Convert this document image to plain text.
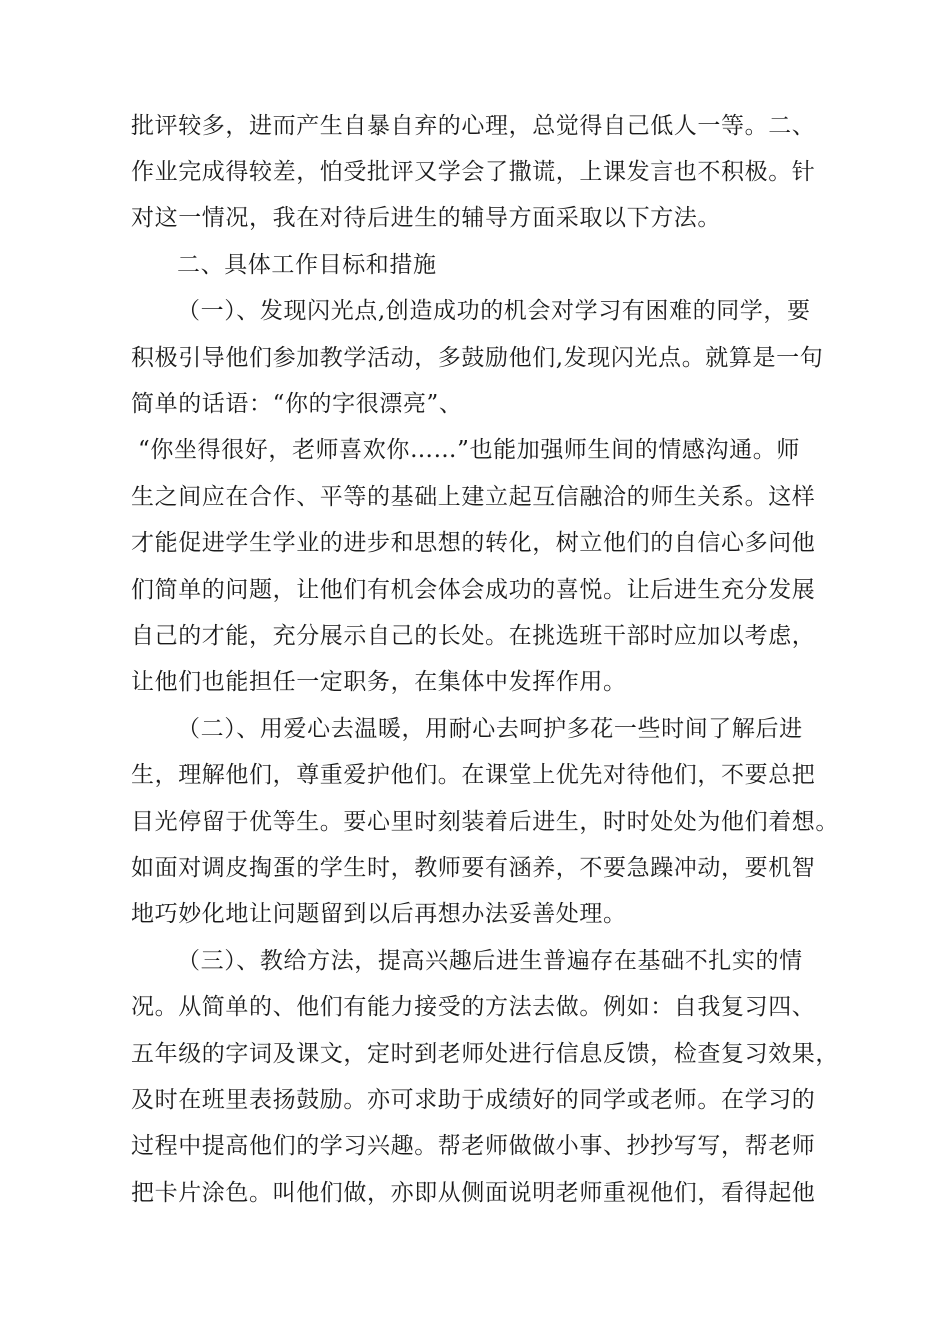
批评较多，进而产生自暴自弃的心理，总觉得自己低人一等。二、
作业完成得较差，怕受批评又学会了撒谎，上课发言也不积极。针
对这一情况，我在对待后进生的辅导方面采取以下方法。
二、具体工作目标和措施
（一）、发现闪光点,创造成功的机会对学习有困难的同学，要
积极引导他们参加教学活动，多鼓励他们,发现闪光点。就算是一句
简单的话语：“你的字很漂亮”、
“你坐得很好，老师喜欢你……”也能加强师生间的情感沟通。师
生之间应在合作、平等的基础上建立起互信融洽的师生关系。这样
才能促进学生学业的进步和思想的转化，树立他们的自信心多问他
们简单的问题，让他们有机会体会成功的喜悦。让后进生充分发展
自己的才能，充分展示自己的长处。在挑选班干部时应加以考虑，
让他们也能担任一定职务，在集体中发挥作用。
（二）、用爱心去温暖，用耐心去呵护多花一些时间了解后进
生，理解他们，尊重爱护他们。在课堂上优先对待他们，不要总把
目光停留于优等生。要心里时刻装着后进生，时时处处为他们着想。
如面对调皮掏蛋的学生时，教师要有涵养，不要急躁冲动，要机智
地巧妙化地让问题留到以后再想办法妥善处理。
（三）、教给方法，提高兴趣后进生普遍存在基础不扎实的情
况。从简单的、他们有能力接受的方法去做。例如：自我复习四、
五年级的字词及课文，定时到老师处进行信息反馈，检查复习效果，
及时在班里表扬鼓励。亦可求助于成绩好的同学或老师。在学习的
过程中提高他们的学习兴趣。帮老师做做小事、抄抄写写，帮老师
把卡片涂色。叫他们做，亦即从侧面说明老师重视他们，看得起他
